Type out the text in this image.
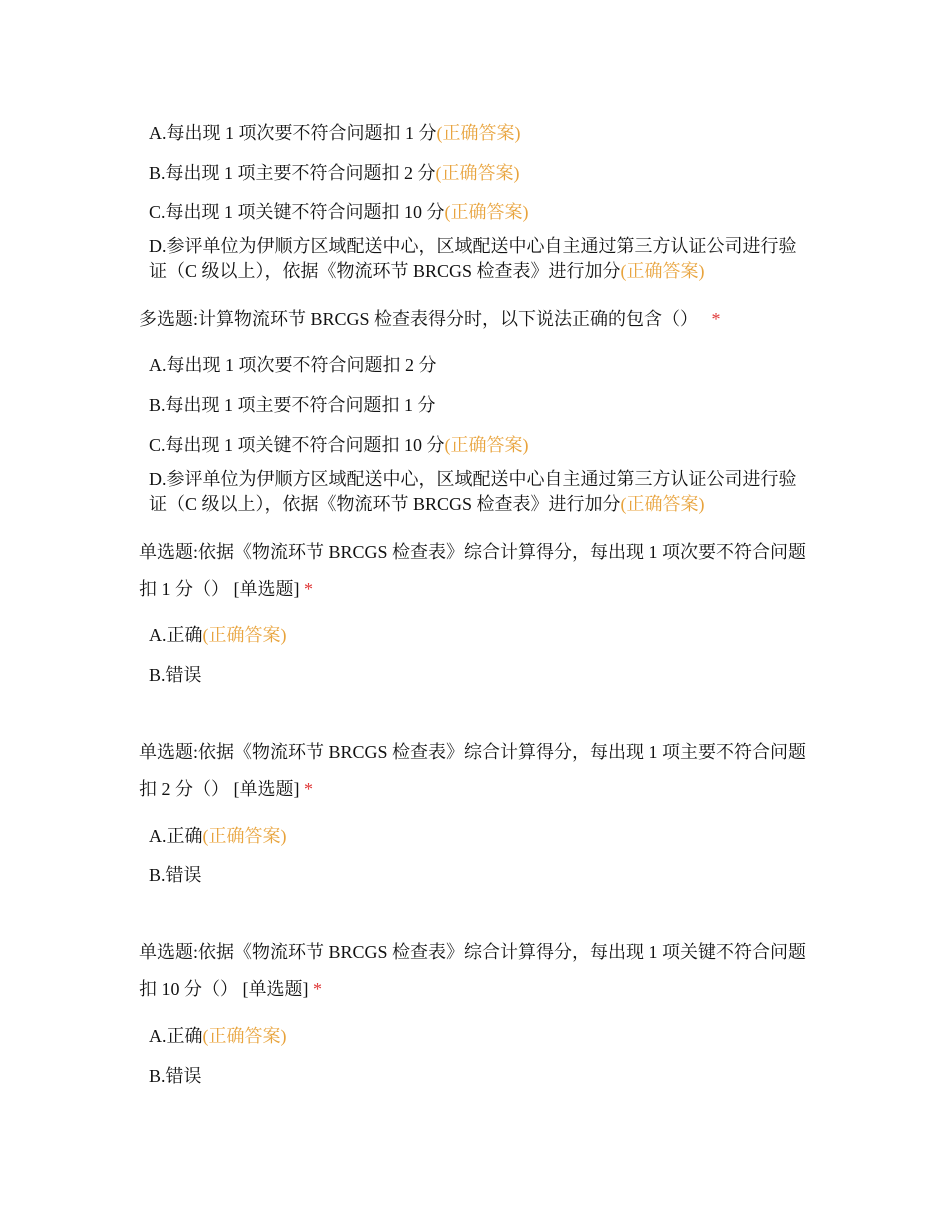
A.每出现 1 项次要不符合问题扣 1 分(正确答案)
B.每出现 1 项主要不符合问题扣 2 分(正确答案)
C.每出现 1 项关键不符合问题扣 10 分(正确答案)
D.参评单位为伊顺方区域配送中心，区域配送中心自主通过第三方认证公司进行验证（C 级以上），依据《物流环节 BRCGS 检查表》进行加分(正确答案)
多选题:计算物流环节 BRCGS 检查表得分时，以下说法正确的包含（） *
A.每出现 1 项次要不符合问题扣 2 分
B.每出现 1 项主要不符合问题扣 1 分
C.每出现 1 项关键不符合问题扣 10 分(正确答案)
D.参评单位为伊顺方区域配送中心，区域配送中心自主通过第三方认证公司进行验证（C 级以上），依据《物流环节 BRCGS 检查表》进行加分(正确答案)
单选题:依据《物流环节 BRCGS 检查表》综合计算得分，每出现 1 项次要不符合问题扣 1 分（） [单选题] *
A.正确(正确答案)
B.错误
单选题:依据《物流环节 BRCGS 检查表》综合计算得分，每出现 1 项主要不符合问题扣 2 分（） [单选题] *
A.正确(正确答案)
B.错误
单选题:依据《物流环节 BRCGS 检查表》综合计算得分，每出现 1 项关键不符合问题扣 10 分（） [单选题] *
A.正确(正确答案)
B.错误
